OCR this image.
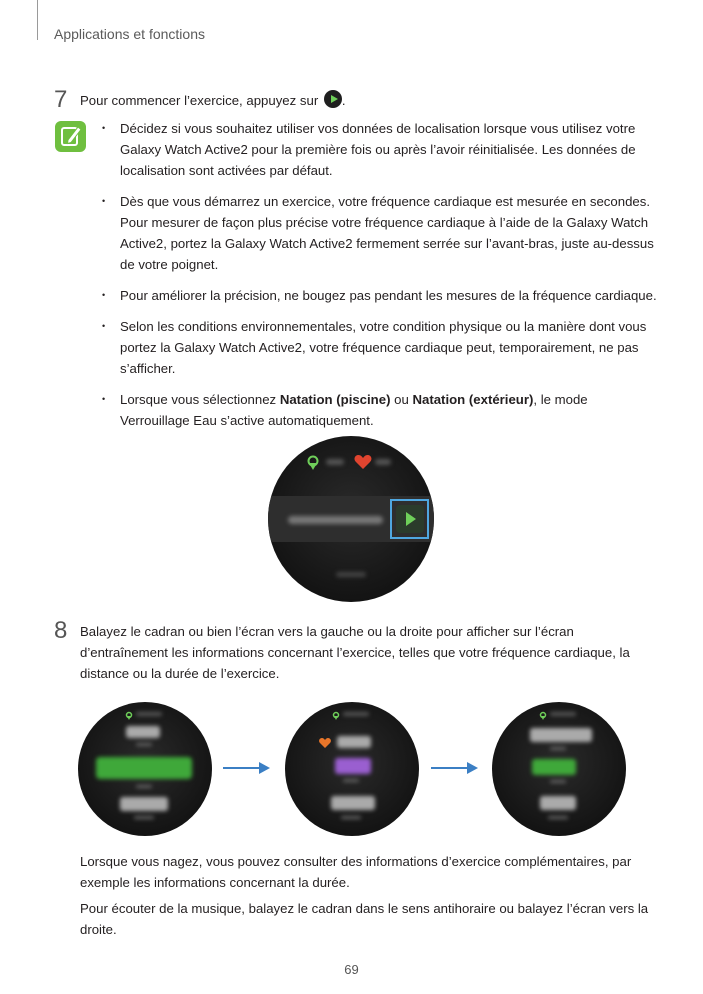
Applications et fonctions
7 Pour commencer l’exercice, appuyez sur .
• Décidez si vous souhaitez utiliser vos données de localisation lorsque vous utilisez votre Galaxy Watch Active2 pour la première fois ou après l’avoir réinitialisée. Les données de localisation sont activées par défaut.
• Dès que vous démarrez un exercice, votre fréquence cardiaque est mesurée en secondes. Pour mesurer de façon plus précise votre fréquence cardiaque à l’aide de la Galaxy Watch Active2, portez la Galaxy Watch Active2 fermement serrée sur l’avant-bras, juste au-dessus de votre poignet.
• Pour améliorer la précision, ne bougez pas pendant les mesures de la fréquence cardiaque.
• Selon les conditions environnementales, votre condition physique ou la manière dont vous portez la Galaxy Watch Active2, votre fréquence cardiaque peut, temporairement, ne pas s’afficher.
• Lorsque vous sélectionnez Natation (piscine) ou Natation (extérieur), le mode Verrouillage Eau s’active automatiquement.
8 Balayez le cadran ou bien l’écran vers la gauche ou la droite pour afficher sur l’écran d’entraînement les informations concernant l’exercice, telles que votre fréquence cardiaque, la distance ou la durée de l’exercice.
Lorsque vous nagez, vous pouvez consulter des informations d’exercice complémentaires, par exemple les informations concernant la durée.
Pour écouter de la musique, balayez le cadran dans le sens antihoraire ou balayez l’écran vers la droite.
69
